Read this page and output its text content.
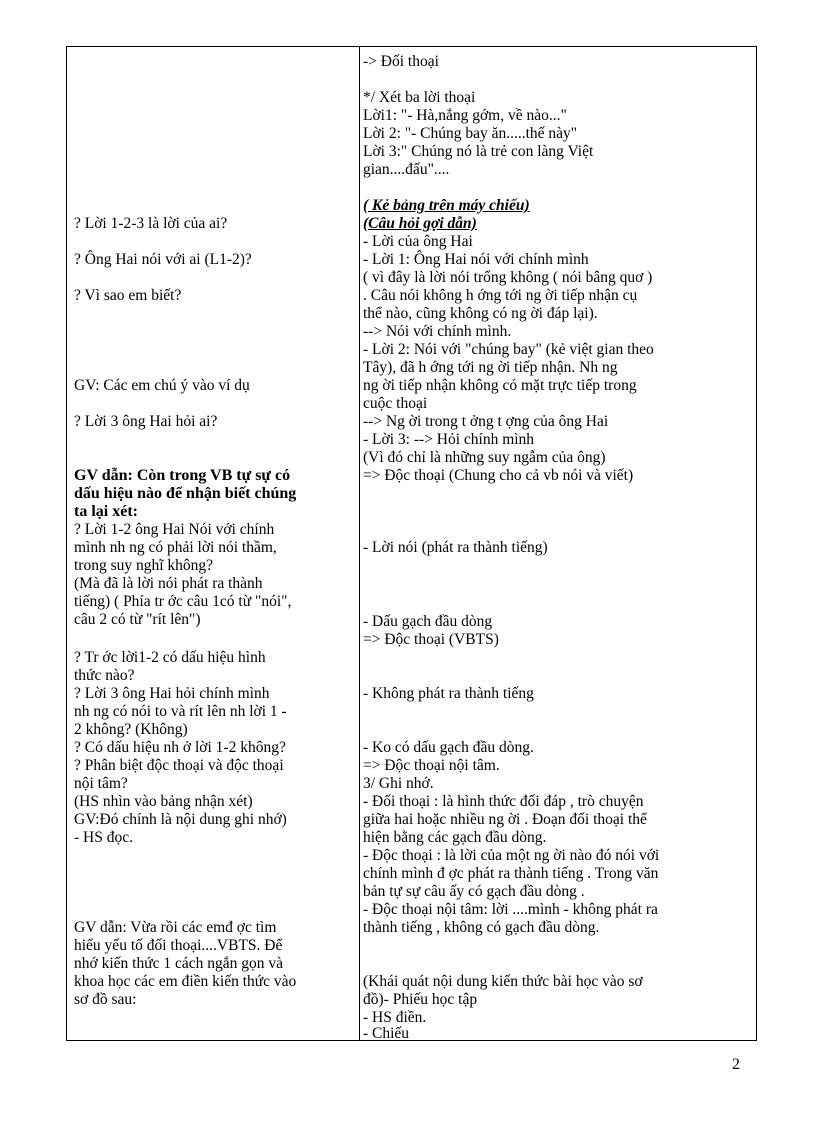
? Lời 1-2-3 là lời của ai?
? Ông Hai nói với ai (L1-2)?
? Vì sao em biết?
GV: Các em chú ý vào ví dụ
? Lời 3 ông Hai hỏi ai?
GV dẫn: Còn trong VB tự sự có
dấu hiệu nào để nhận biết chúng
ta lại xét:
? Lời 1-2 ông Hai Nói với chính
mình nh ng có phải lời nói thầm,
trong suy nghĩ không?
(Mà đã là lời nói phát ra thành
tiếng) ( Phía tr ớc câu 1có từ "nói",
câu 2 có từ "rít lên")
? Tr ớc lời1-2 có dấu hiệu hình
thức nào?
? Lời 3 ông Hai hỏi chính mình
nh ng có nói to và rít lên nh lời 1 -
2 không? (Không)
? Có dấu hiệu nh ở lời 1-2 không?
? Phân biệt độc thoại và độc thoại
nội tâm?
(HS nhìn vào bảng nhận xét)
GV:Đó chính là nội dung ghi nhớ)
- HS đọc.
GV dẫn: Vừa rồi các emđ ợc tìm
hiểu yếu tố đối thoại....VBTS. Để
nhớ kiến thức 1 cách ngắn gọn và
khoa học các em điền kiến thức vào
sơ đồ sau:
-> Đối thoại
*/ Xét ba lời thoại
Lời1: "- Hà,nắng gớm, về nào..."
Lời 2: "- Chúng bay ăn.....thế này"
Lời 3:" Chúng nó là trẻ con làng Việt
gian....đấu"....
( Kẻ bảng trên máy chiếu)
(Câu hỏi gợi dẫn)
- Lời của ông Hai
- Lời 1: Ông Hai nói với chính mình
( vì đây là lời nói trống không ( nói bâng quơ )
. Câu nói không h ớng tới ng ời tiếp nhận cụ
thể nào, cũng không có ng ời đáp lại).
--> Nói với chính mình.
- Lời 2: Nói với "chúng bay" (kẻ việt gian theo
Tây), đã h ớng tới ng ời tiếp nhận. Nh ng
ng ời tiếp nhận không có mặt trực tiếp trong
cuộc thoại
--> Ng ời trong t ởng t ợng của ông Hai
- Lời 3: --> Hỏi chính mình
(Vì đó chỉ là những suy ngẫm của ông)
=> Độc thoại (Chung cho cả vb nói và viết)
- Lời nói (phát ra thành tiếng)
- Dấu gạch đầu dòng
=> Độc thoại (VBTS)
- Không phát ra thành tiếng
- Ko có dấu gạch đầu dòng.
=> Độc thoại nội tâm.
3/ Ghi nhớ.
- Đối thoại : là hình thức đối đáp , trò chuyện
giữa hai hoặc nhiều ng ời . Đoạn đối thoại thể
hiện bằng các gạch đầu dòng.
- Độc thoại : là lời của một ng ời nào đó nói với
chính mình đ ợc phát ra thành tiếng . Trong văn
bản tự sự câu ấy có gạch đầu dòng .
- Độc thoại nội tâm: lời ....mình - không phát ra
thành tiếng , không có gạch đầu dòng.
(Khái quát nội dung kiến thức bài học vào sơ
đồ)- Phiếu học tập
- HS điền.
- Chiếu
2
